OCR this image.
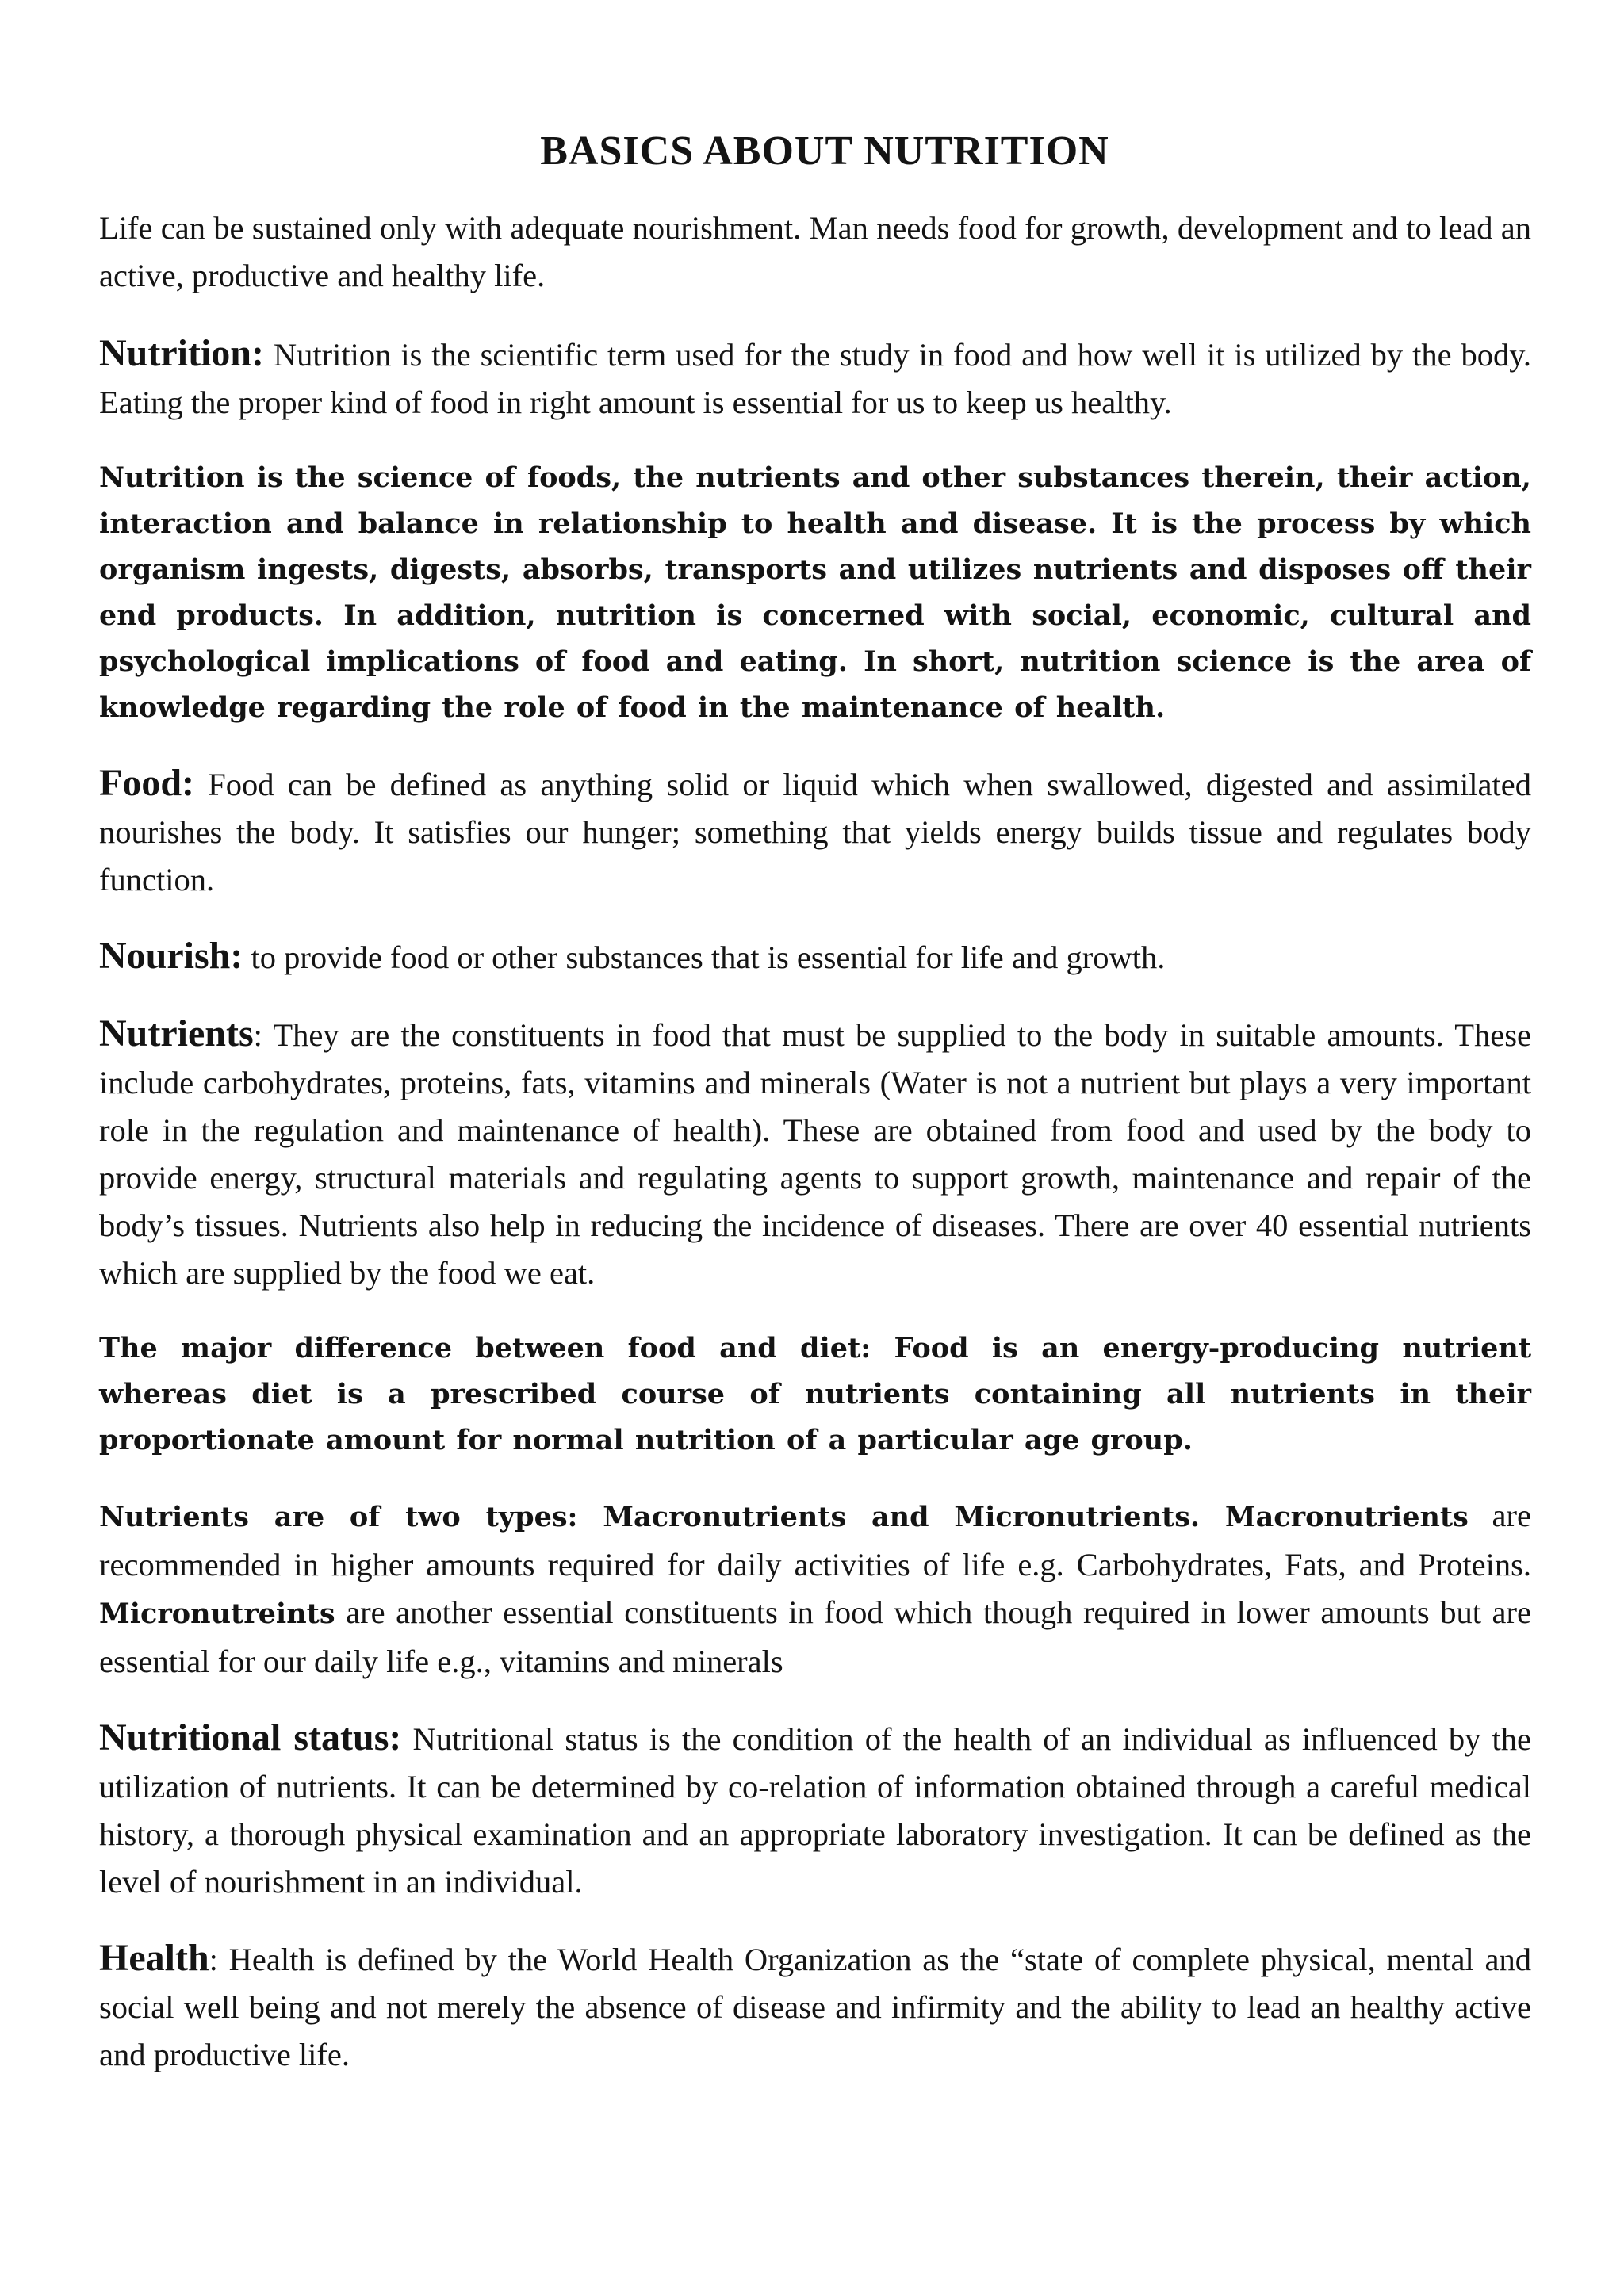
BASICS ABOUT NUTRITION

Life can be sustained only with adequate nourishment. Man needs food for growth, development and to lead an active, productive and healthy life.

Nutrition: Nutrition is the scientific term used for the study in food and how well it is utilized by the body. Eating the proper kind of food in right amount is essential for us to keep us healthy.

Nutrition is the science of foods, the nutrients and other substances therein, their action, interaction and balance in relationship to health and disease. It is the process by which organism ingests, digests, absorbs, transports and utilizes nutrients and disposes off their end products. In addition, nutrition is concerned with social, economic, cultural and psychological implications of food and eating. In short, nutrition science is the area of knowledge regarding the role of food in the maintenance of health.

Food: Food can be defined as anything solid or liquid which when swallowed, digested and assimilated nourishes the body. It satisfies our hunger; something that yields energy builds tissue and regulates body function.

Nourish: to provide food or other substances that is essential for life and growth.

Nutrients: They are the constituents in food that must be supplied to the body in suitable amounts. These include carbohydrates, proteins, fats, vitamins and minerals (Water is not a nutrient but plays a very important role in the regulation and maintenance of health). These are obtained from food and used by the body to provide energy, structural materials and regulating agents to support growth, maintenance and repair of the body’s tissues. Nutrients also help in reducing the incidence of diseases. There are over 40 essential nutrients which are supplied by the food we eat.

The major difference between food and diet: Food is an energy-producing nutrient whereas diet is a prescribed course of nutrients containing all nutrients in their proportionate amount for normal nutrition of a particular age group.

Nutrients are of two types: Macronutrients and Micronutrients. Macronutrients are recommended in higher amounts required for daily activities of life e.g. Carbohydrates, Fats, and Proteins. Micronutreints are another essential constituents in food which though required in lower amounts but are essential for our daily life e.g., vitamins and minerals

Nutritional status: Nutritional status is the condition of the health of an individual as influenced by the utilization of nutrients. It can be determined by co-relation of information obtained through a careful medical history, a thorough physical examination and an appropriate laboratory investigation. It can be defined as the level of nourishment in an individual.

Health: Health is defined by the World Health Organization as the “state of complete physical, mental and social well being and not merely the absence of disease and infirmity and the ability to lead an healthy active and productive life.
